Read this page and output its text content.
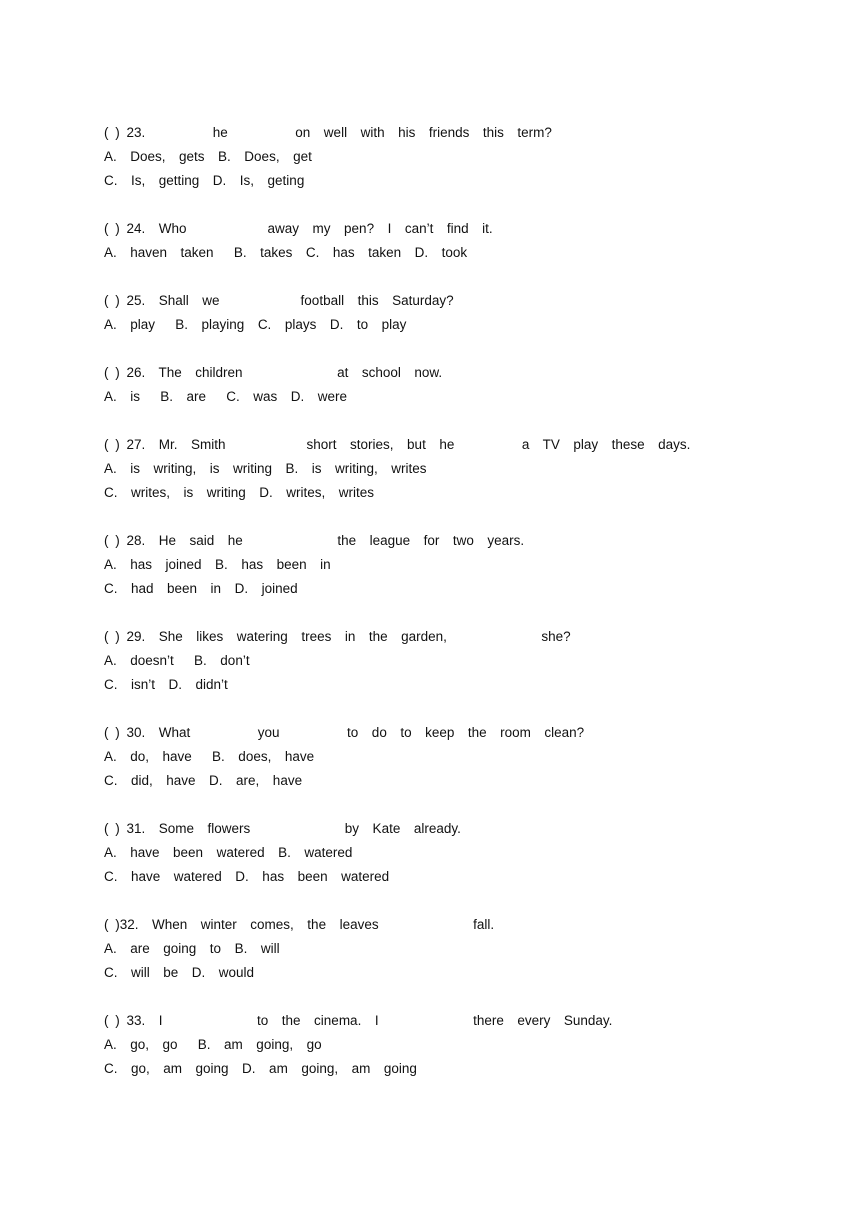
( ) 23.          he          on  well  with  his  friends  this  term?
A.  Does,  gets  B.  Does,  get
C.  Is,  getting  D.  Is,  geting
( ) 24.  Who            away  my  pen?  I  can’t  find  it.
A.  haven  taken   B.  takes  C.  has  taken  D.  took
( ) 25.  Shall  we            football  this  Saturday?
A.  play   B.  playing  C.  plays  D.  to  play
( ) 26.  The  children              at  school  now.
A.  is   B.  are   C.  was  D.  were
( ) 27.  Mr.  Smith            short  stories,  but  he          a  TV  play  these  days.
A.  is  writing,  is  writing  B.  is  writing,  writes
C.  writes,  is  writing  D.  writes,  writes
( ) 28.  He  said  he              the  league  for  two  years.
A.  has  joined  B.  has  been  in
C.  had  been  in  D.  joined
( ) 29.  She  likes  watering  trees  in  the  garden,              she?
A.  doesn’t   B.  don’t
C.  isn’t  D.  didn’t
( ) 30.  What          you          to  do  to  keep  the  room  clean?
A.  do,  have   B.  does,  have
C.  did,  have  D.  are,  have
( ) 31.  Some  flowers              by  Kate  already.
A.  have  been  watered  B.  watered
C.  have  watered  D.  has  been  watered
( )32.  When  winter  comes,  the  leaves              fall.
A.  are  going  to  B.  will
C.  will  be  D.  would
( ) 33.  I              to  the  cinema.  I              there  every  Sunday.
A.  go,  go   B.  am  going,  go
C.  go,  am  going  D.  am  going,  am  going
